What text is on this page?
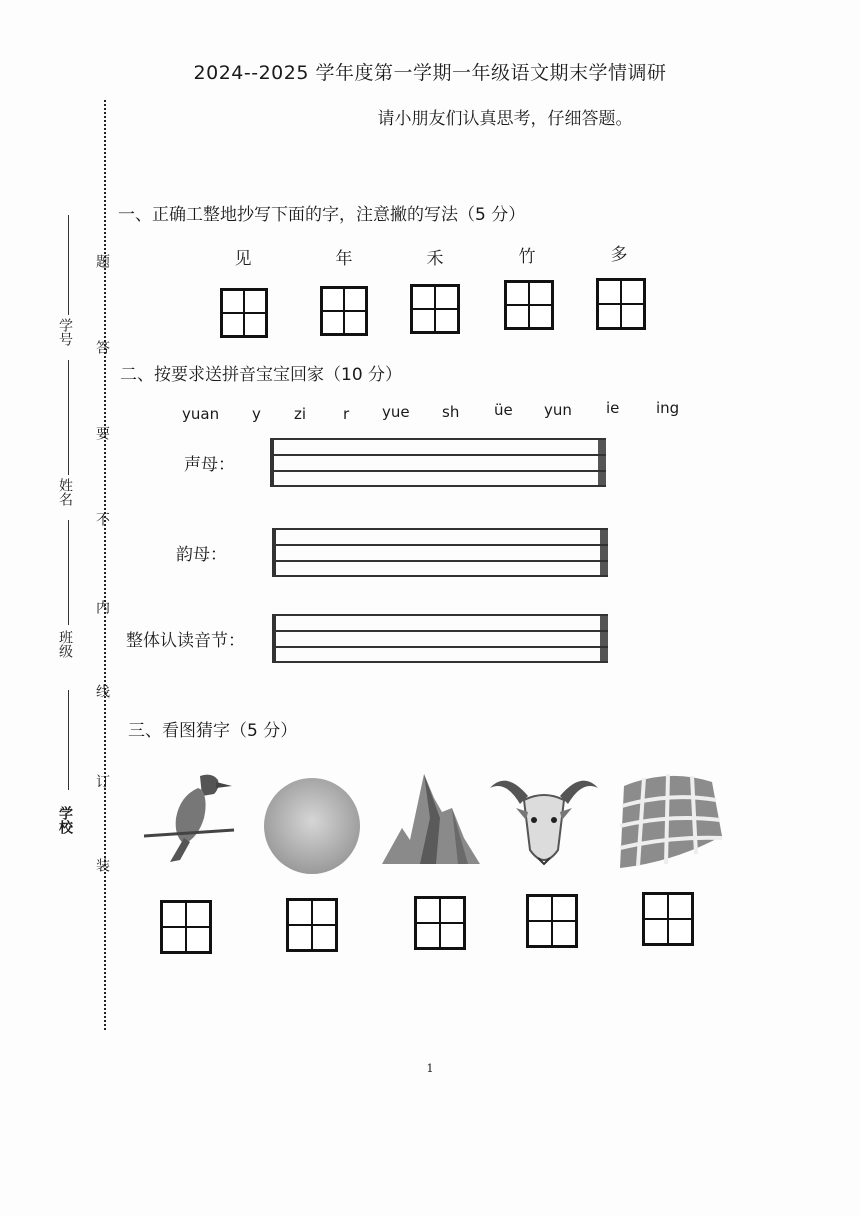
2024--2025 学年度第一学期一年级语文期末学情调研
请小朋友们认真思考，仔细答题。
题
答
要
不
内
线
订
装
学号
姓名
班级
学校
一、正确工整地抄写下面的字，注意撇的写法（5 分）
见	年	禾	竹	多
二、按要求送拼音宝宝回家（10 分）
yuan y zi r yue sh üe yun ie ing
声母：
韵母：
整体认读音节：
三、看图猜字（5 分）
1
